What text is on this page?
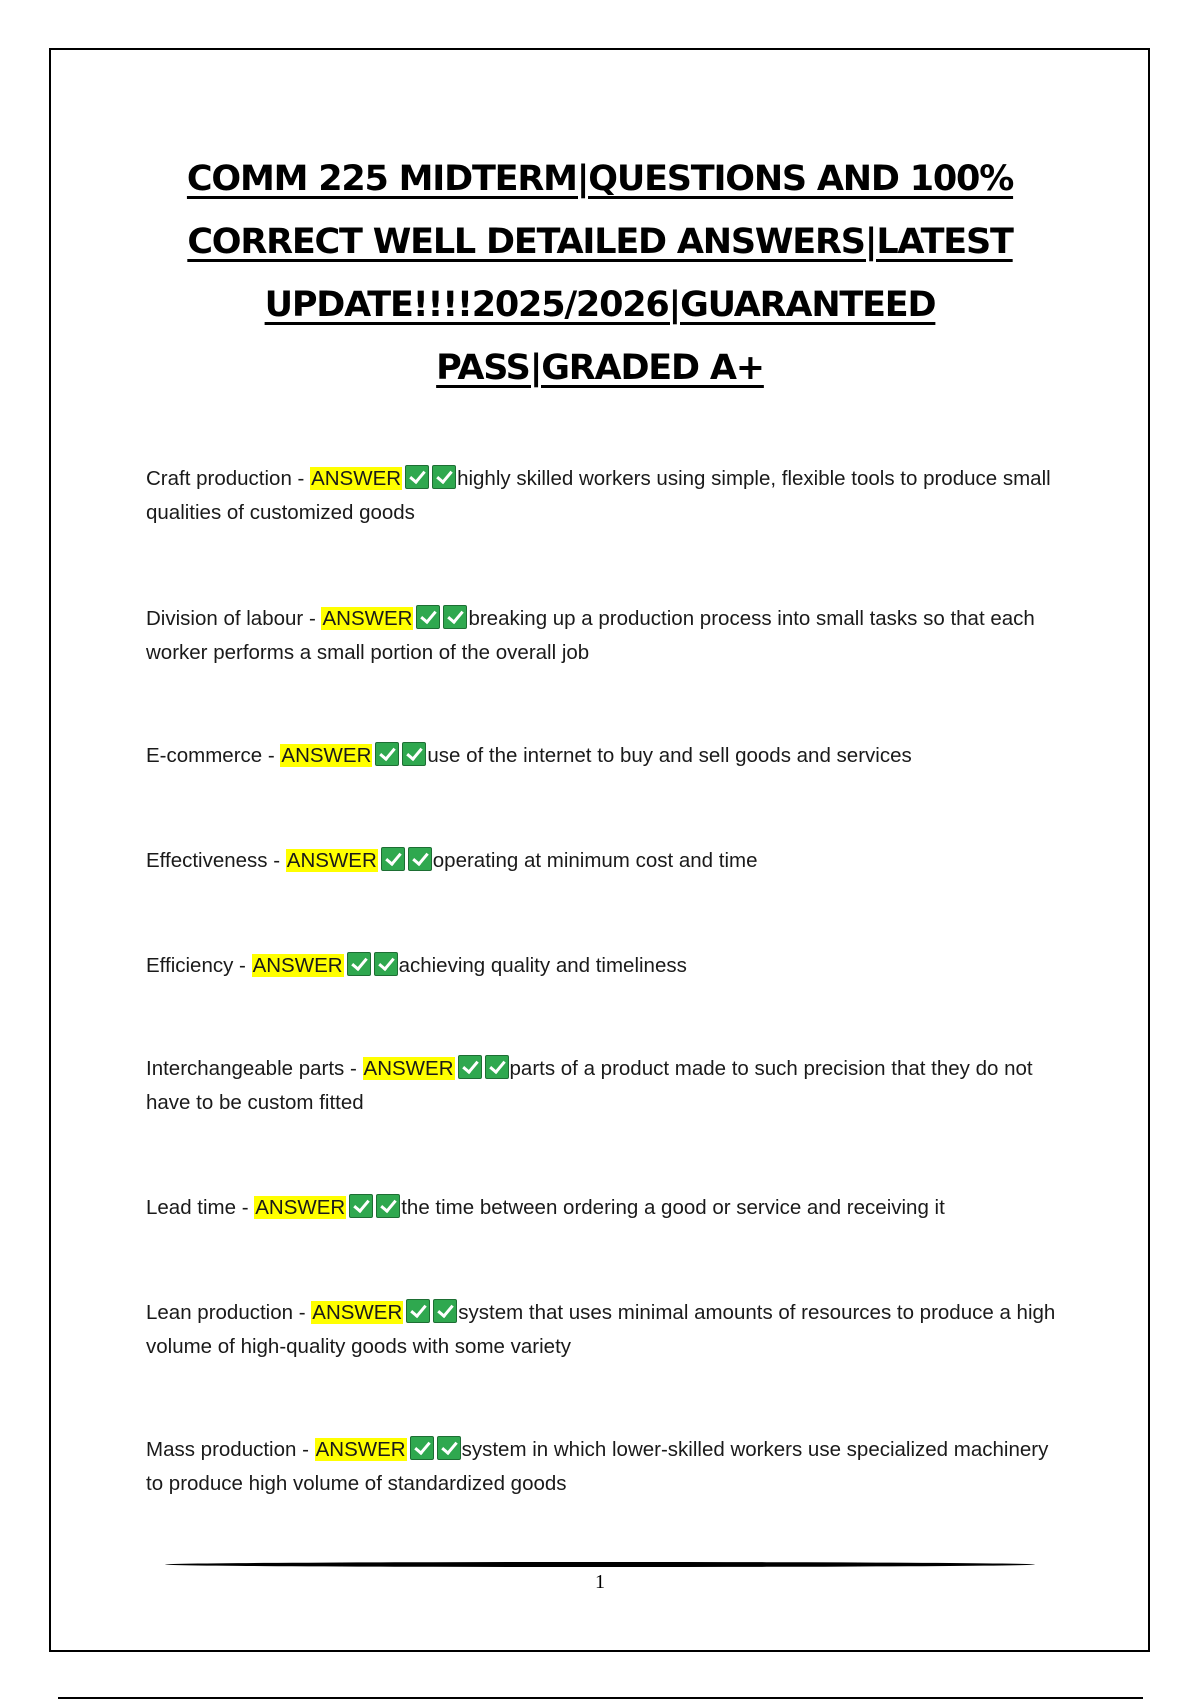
COMM 225 MIDTERM|QUESTIONS AND 100% CORRECT WELL DETAILED ANSWERS|LATEST UPDATE!!!!2025/2026|GUARANTEED PASS|GRADED A+
Craft production - ANSWER	highly skilled workers using simple, flexible tools to produce small qualities of customized goods
Division of labour - ANSWER	breaking up a production process into small tasks so that each worker performs a small portion of the overall job
E-commerce - ANSWER	use of the internet to buy and sell goods and services
Effectiveness - ANSWER	operating at minimum cost and time
Efficiency - ANSWER	achieving quality and timeliness
Interchangeable parts - ANSWER	parts of a product made to such precision that they do not have to be custom fitted
Lead time - ANSWER	the time between ordering a good or service and receiving it
Lean production - ANSWER	system that uses minimal amounts of resources to produce a high volume of high-quality goods with some variety
Mass production - ANSWER	system in which lower-skilled workers use specialized machinery to produce high volume of standardized goods
1
